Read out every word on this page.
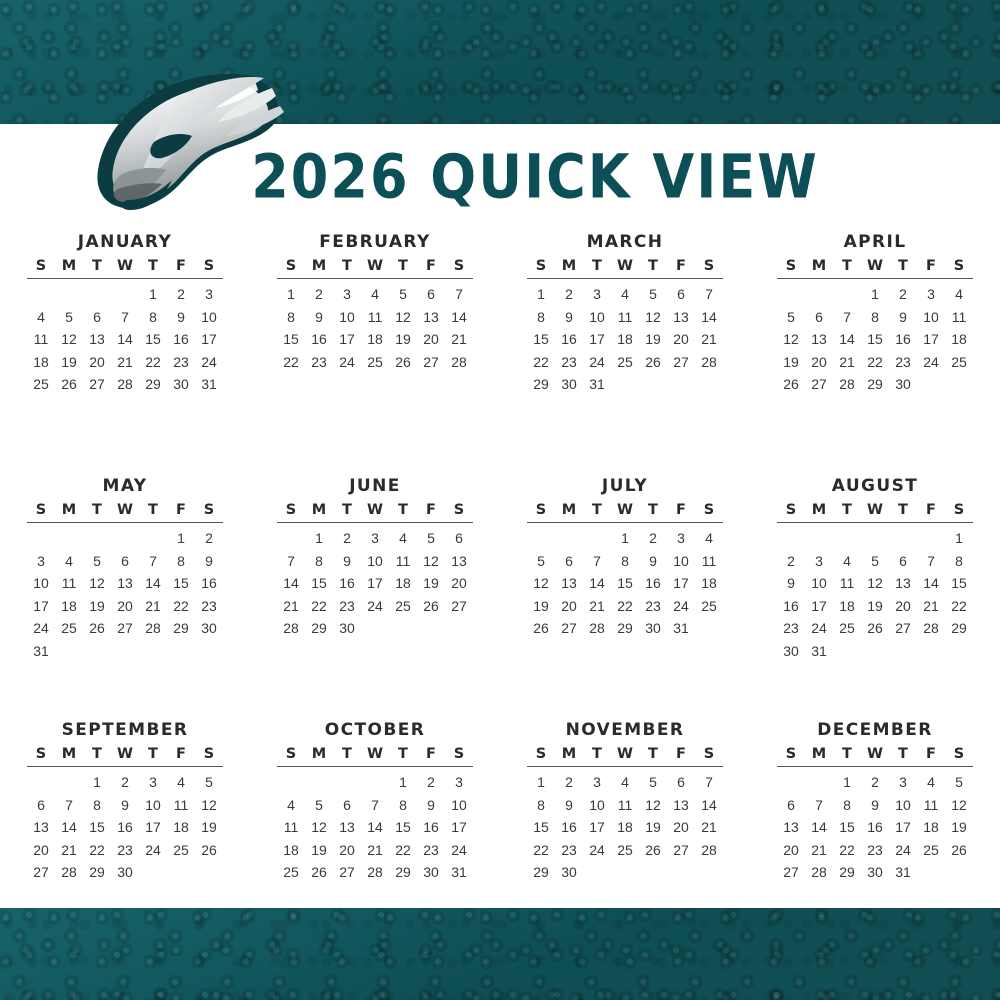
2026 QUICK VIEW
JANUARY
S	M	T	W	T	F	S
				1	2	3
4	5	6	7	8	9	10
11	12	13	14	15	16	17
18	19	20	21	22	23	24
25	26	27	28	29	30	31
FEBRUARY
S	M	T	W	T	F	S
1	2	3	4	5	6	7
8	9	10	11	12	13	14
15	16	17	18	19	20	21
22	23	24	25	26	27	28
MARCH
S	M	T	W	T	F	S
1	2	3	4	5	6	7
8	9	10	11	12	13	14
15	16	17	18	19	20	21
22	23	24	25	26	27	28
29	30	31				
APRIL
S	M	T	W	T	F	S
			1	2	3	4
5	6	7	8	9	10	11
12	13	14	15	16	17	18
19	20	21	22	23	24	25
26	27	28	29	30		
MAY
S	M	T	W	T	F	S
					1	2
3	4	5	6	7	8	9
10	11	12	13	14	15	16
17	18	19	20	21	22	23
24	25	26	27	28	29	30
31						
JUNE
S	M	T	W	T	F	S
	1	2	3	4	5	6
7	8	9	10	11	12	13
14	15	16	17	18	19	20
21	22	23	24	25	26	27
28	29	30				
JULY
S	M	T	W	T	F	S
			1	2	3	4
5	6	7	8	9	10	11
12	13	14	15	16	17	18
19	20	21	22	23	24	25
26	27	28	29	30	31	
AUGUST
S	M	T	W	T	F	S
						1
2	3	4	5	6	7	8
9	10	11	12	13	14	15
16	17	18	19	20	21	22
23	24	25	26	27	28	29
30	31					
SEPTEMBER
S	M	T	W	T	F	S
		1	2	3	4	5
6	7	8	9	10	11	12
13	14	15	16	17	18	19
20	21	22	23	24	25	26
27	28	29	30			
OCTOBER
S	M	T	W	T	F	S
				1	2	3
4	5	6	7	8	9	10
11	12	13	14	15	16	17
18	19	20	21	22	23	24
25	26	27	28	29	30	31
NOVEMBER
S	M	T	W	T	F	S
1	2	3	4	5	6	7
8	9	10	11	12	13	14
15	16	17	18	19	20	21
22	23	24	25	26	27	28
29	30					
DECEMBER
S	M	T	W	T	F	S
		1	2	3	4	5
6	7	8	9	10	11	12
13	14	15	16	17	18	19
20	21	22	23	24	25	26
27	28	29	30	31		
